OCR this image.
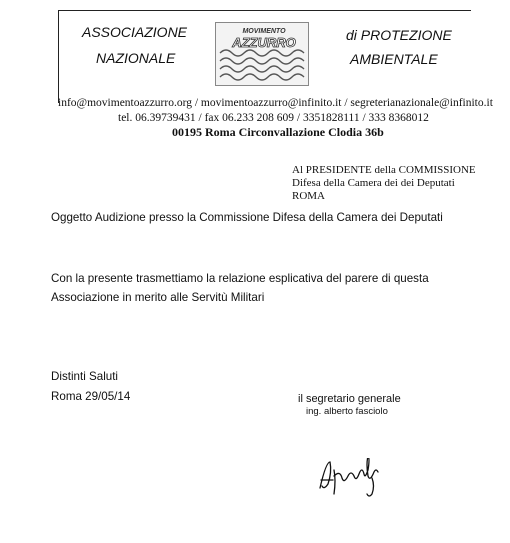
ASSOCIAZIONE
NAZIONALE
di PROTEZIONE
AMBIENTALE
MOVIMENTO
AZZURRO
info@movimentoazzurro.org / movimentoazzurro@infinito.it / segreterianazionale@infinito.it
tel. 06.39739431 / fax 06.233 208 609 / 3351828111 / 333 8368012
00195 Roma Circonvallazione Clodia 36b
Al PRESIDENTE della COMMISSIONE
Difesa della Camera dei dei Deputati
ROMA
Oggetto Audizione presso la Commissione Difesa della Camera dei Deputati
Con la presente trasmettiamo la relazione esplicativa del parere di questa
Associazione in merito alle Servitù Militari
Distinti Saluti
Roma 29/05/14	il segretario generale
ing. alberto fasciolo
